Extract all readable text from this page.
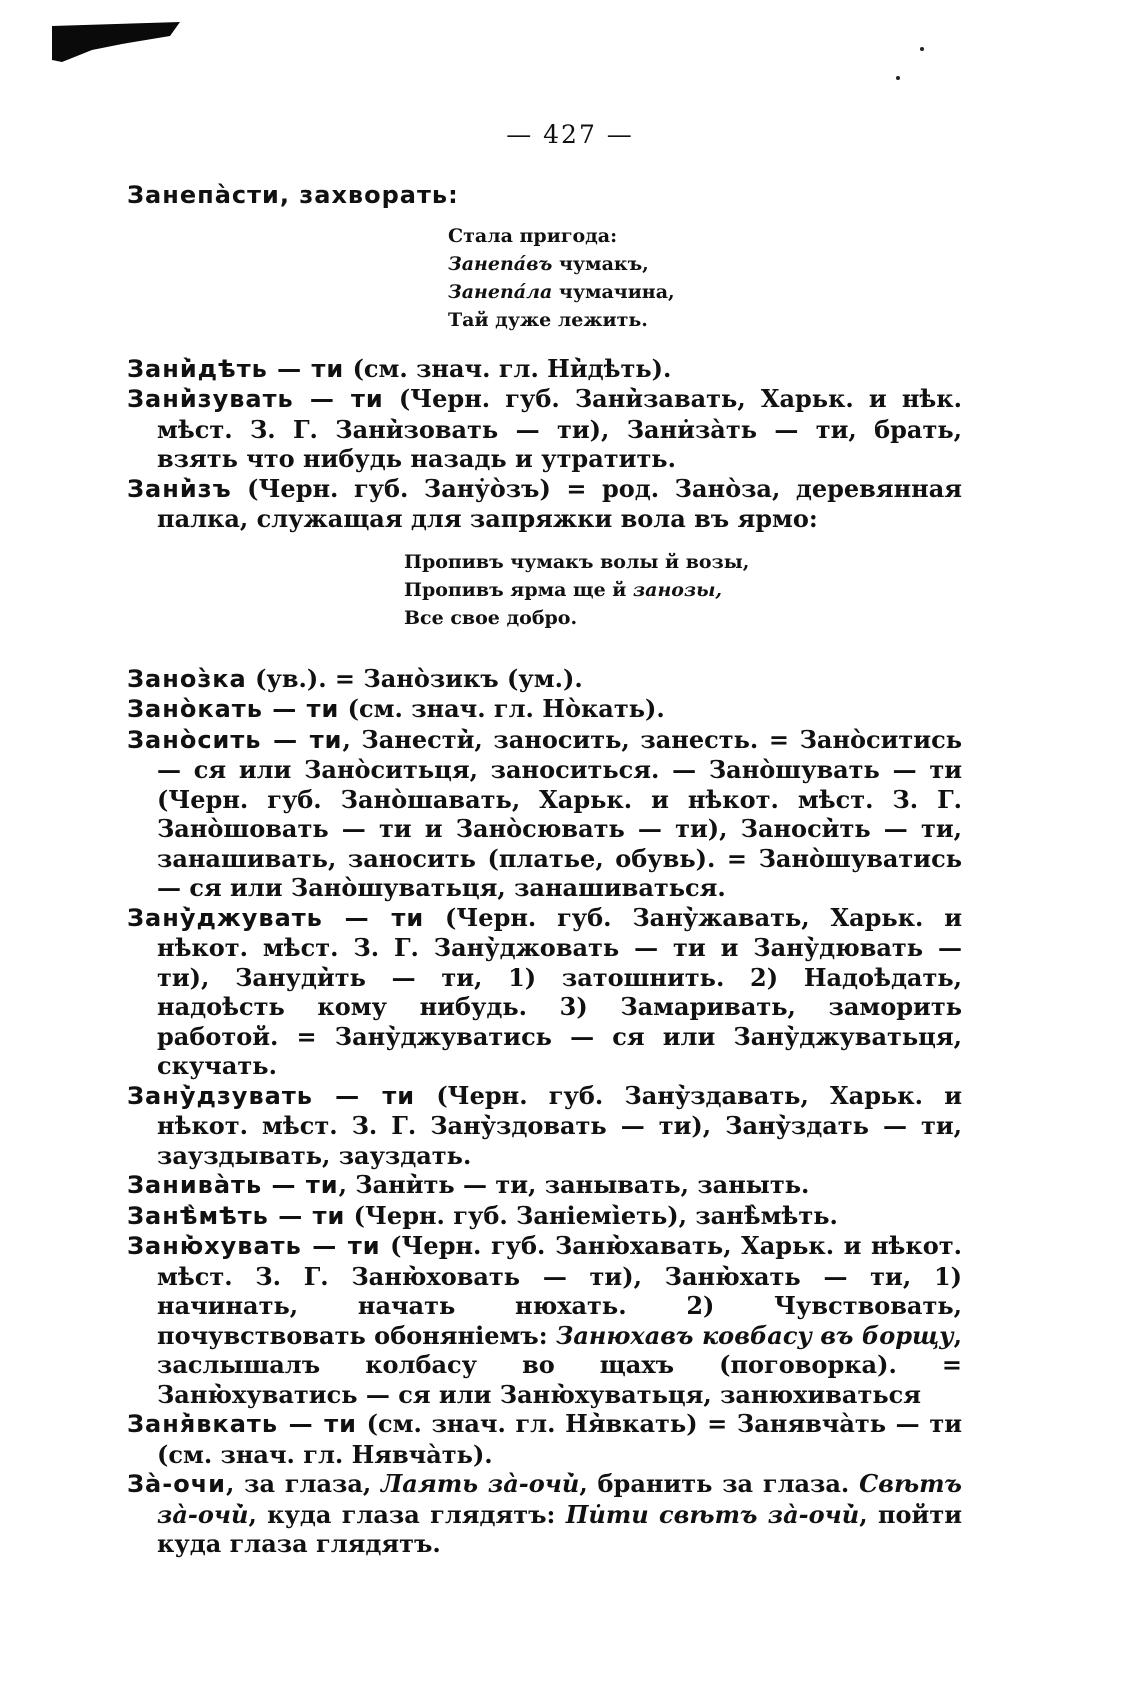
— 427 —

Занепа̀сти, захворать:

Зани̇̀дѣть — ти (см. знач. гл. Ни̇̀дѣть).

Зани̇̀зувать — ти (Черн. губ. Зани̇̀завать, Харьк. и нѣк. мѣст. З. Г. Зани̇̀зовать — ти), Зани̇за̀ть — ти, брать, взять что нибудь назадь и утратить.

Зани̇̀зъ (Черн. губ. Зану̇о̀зъ) = род. Зано̀за, деревянная палка, служащая для запряжки вола въ ярмо:

Заноз̀ка (ув.). = Зано̀зикъ (ум.).

Зано̀кать — ти (см. знач. гл. Но̀кать).

Зано̀сить — ти, Занести̇̀, заносить, занесть. = Зано̀ситись — ся или Зано̀ситьця, заноситься. — Зано̀шувать — ти (Черн. губ. Зано̀шавать, Харьк. и нѣкот. мѣст. З. Г. Зано̀шовать — ти и Зано̀сювать — ти), Заноси̇̀ть — ти, занашивать, заносить (платье, обувь). = Зано̀шуватись — ся или Зано̀шуватьця, занашиваться.

Зану̇̀джувать — ти (Черн. губ. Зану̇̀жавать, Харьк. и нѣкот. мѣст. З. Г. Зану̇̀джовать — ти и Зану̇̀дювать — ти), Зануди̇̀ть — ти, 1) затошнить. 2) Надоѣдать, надоѣсть кому нибудь. 3) Замаривать, заморить работой. = Зану̇̀джуватись — ся или Зану̇̀джуватьця, скучать.

Зану̇̀дзувать — ти (Черн. губ. Зану̇̀здавать, Харьк. и нѣкот. мѣст. З. Г. Зану̇̀здовать — ти), Зану̇̀здать — ти, зауздывать, зауздать.

Занива̀ть — ти, Зани̇̀ть — ти, занывать, заныть.

Занѣ̀мѣть — ти (Черн. губ. Заніемі̇̀еть), занѣ̀мѣть.

Заню̇̀хувать — ти (Черн. губ. Заню̇̀хавать, Харьк. и нѣкот. мѣст. З. Г. Заню̇̀ховать — ти), Заню̇̀хать — ти, 1) начинать, начать нюхать. 2) Чувствовать, почувствовать обоняніемъ: Занюхавъ ковбасу въ борщу, заслышалъ колбасу во щахъ (поговорка). = Заню̇̀хуватись — ся или Заню̇̀хуватьця, занюхиваться

Заня̇̀вкать — ти (см. знач. гл. Ня̇̀вкать) = Занявча̀ть — ти (см. знач. гл. Нявча̀ть).

За̀-очи, за глаза, Лаять за̀-очи̇̀, бранить за глаза. Свѣтъ за̀-очи̇̀, куда глаза глядятъ: Пи̇ти свѣтъ за̀-очи̇̀, пойти куда глаза глядятъ.

Стала пригода:

Занепа́въ чумакъ,

Занепа́ла чумачина,

Тай дуже лежить.

Пропивъ чумакъ волы й возы,

Пропивъ ярма ще й занозы,

Все свое добро.
